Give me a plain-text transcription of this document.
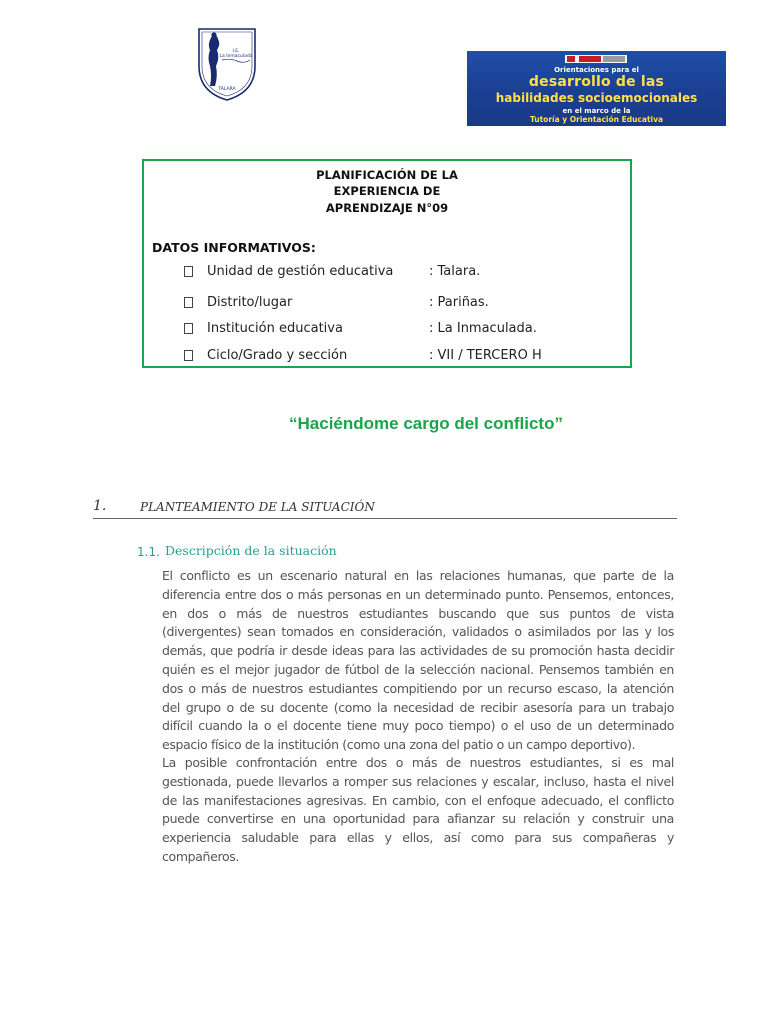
I.E.
La Inmaculada
TALARA
Orientaciones para el
desarrollo de las
habilidades socioemocionales
en el marco de la
Tutoría y Orientación Educativa
PLANIFICACIÓN DE LA
EXPERIENCIA DE
APRENDIZAJE N°09
DATOS INFORMATIVOS:
Unidad de gestión educativa	: Talara.
Distrito/lugar	: Pariñas.
Institución educativa	: La Inmaculada.
Ciclo/Grado y sección	: VII / TERCERO H
“Haciéndome cargo del conflicto”
1.	PLANTEAMIENTO DE LA SITUACIÓN
1.1. Descripción de la situación
El conflicto es un escenario natural en las relaciones humanas, que parte de la diferencia entre dos o más personas en un determinado punto. Pensemos, entonces, en dos o más de nuestros estudiantes buscando que sus puntos de vista (divergentes) sean tomados en consideración, validados o asimilados por las y los demás, que podría ir desde ideas para las actividades de su promoción hasta decidir quién es el mejor jugador de fútbol de la selección nacional. Pensemos también en dos o más de nuestros estudiantes compitiendo por un recurso escaso, la atención del grupo o de su docente (como la necesidad de recibir asesoría para un trabajo difícil cuando la o el docente tiene muy poco tiempo) o el uso de un determinado espacio físico de la institución (como una zona del patio o un campo deportivo).
La posible confrontación entre dos o más de nuestros estudiantes, si es mal gestionada, puede llevarlos a romper sus relaciones y escalar, incluso, hasta el nivel de las manifestaciones agresivas. En cambio, con el enfoque adecuado, el conflicto puede convertirse en una oportunidad para afianzar su relación y construir una experiencia saludable para ellas y ellos, así como para sus compañeras y compañeros.
